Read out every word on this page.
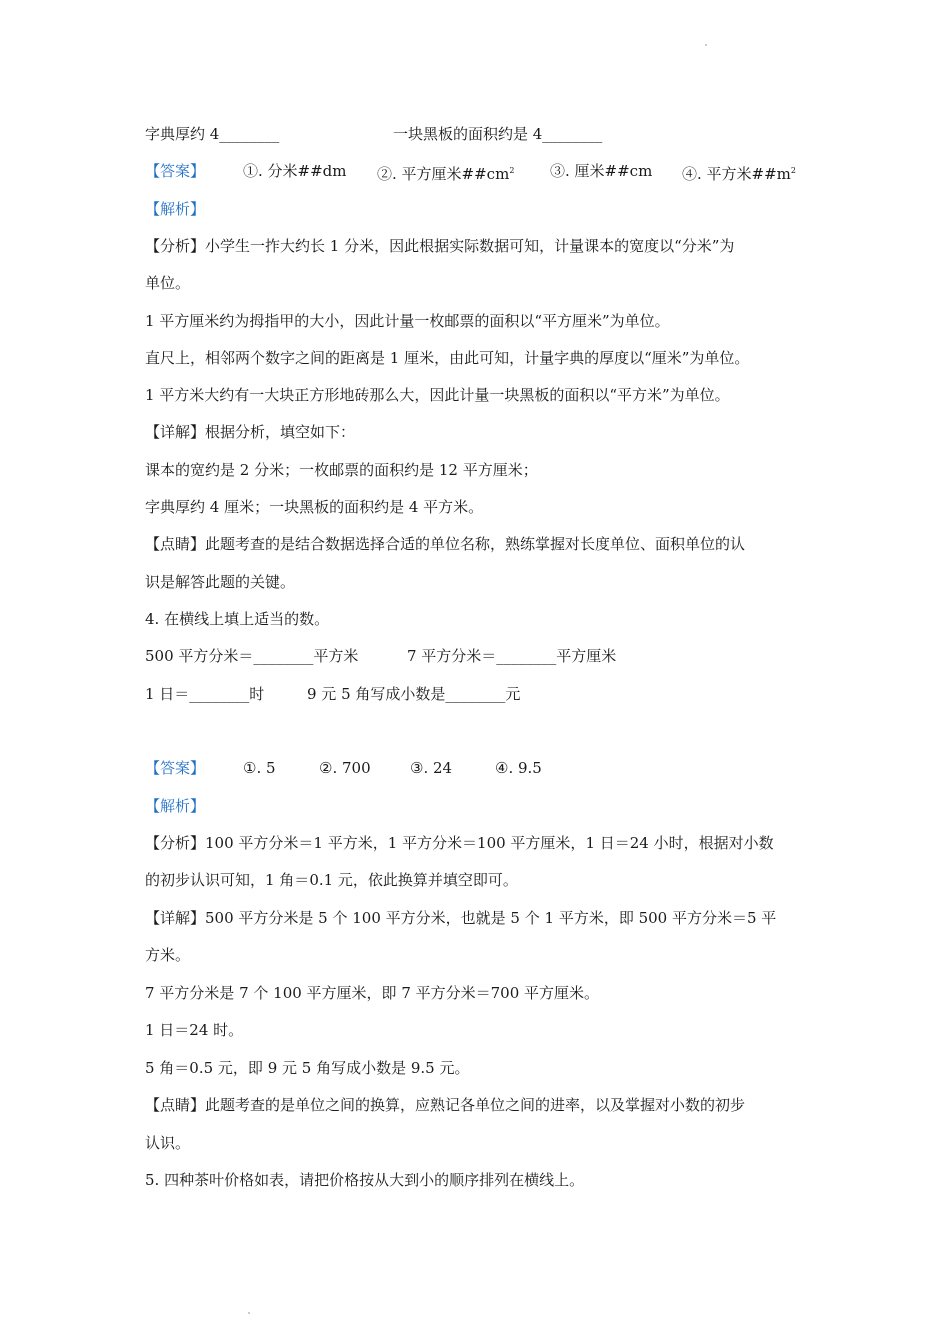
字典厚约 4________	一块黑板的面积约是 4________
【答案】	①. 分米##dm ②. 平方厘米$\#\#cm^2$ ③. 厘米##cm ④. 平方米$\#\#m^2$
【解析】
【分析】小学生一拃大约长 1 分米，因此根据实际数据可知，计量课本的宽度以“分米”为
单位。
1 平方厘米约为拇指甲的大小，因此计量一枚邮票的面积以“平方厘米”为单位。
直尺上，相邻两个数字之间的距离是 1 厘米，由此可知，计量字典的厚度以“厘米”为单位。
1 平方米大约有一大块正方形地砖那么大，因此计量一块黑板的面积以“平方米”为单位。
【详解】根据分析，填空如下：
课本的宽约是 2 分米；一枚邮票的面积约是 12 平方厘米；
字典厚约 4 厘米；一块黑板的面积约是 4 平方米。
【点睛】此题考查的是结合数据选择合适的单位名称，熟练掌握对长度单位、面积单位的认
识是解答此题的关键。
4. 在横线上填上适当的数。
500 平方分米＝________平方米	7 平方分米＝________平方厘米
1 日＝________时	9 元 5 角写成小数是________元
【答案】	①. 5	②. 700	③. 24	④. 9.5
【解析】
【分析】100 平方分米＝1 平方米，1 平方分米＝100 平方厘米，1 日＝24 小时，根据对小数
的初步认识可知，1 角＝0.1 元，依此换算并填空即可。
【详解】500 平方分米是 5 个 100 平方分米，也就是 5 个 1 平方米，即 500 平方分米＝5 平
方米。
7 平方分米是 7 个 100 平方厘米，即 7 平方分米＝700 平方厘米。
1 日＝24 时。
5 角＝0.5 元，即 9 元 5 角写成小数是 9.5 元。
【点睛】此题考查的是单位之间的换算，应熟记各单位之间的进率，以及掌握对小数的初步
认识。
5. 四种茶叶价格如表，请把价格按从大到小的顺序排列在横线上。
